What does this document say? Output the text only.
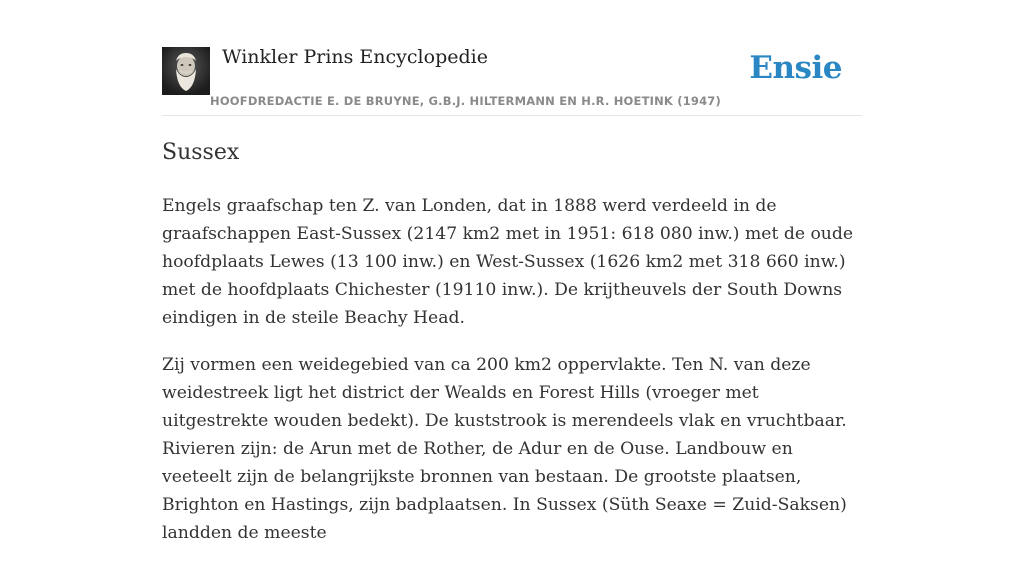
Winkler Prins Encyclopedie
HOOFDREDACTIE E. DE BRUYNE, G.B.J. HILTERMANN EN H.R. HOETINK (1947)
Ensie
Sussex

Engels graafschap ten Z. van Londen, dat in 1888 werd verdeeld in de graafschappen East-Sussex (2147 km2 met in 1951: 618 080 inw.) met de oude hoofdplaats Lewes (13 100 inw.) en West-Sussex (1626 km2 met 318 660 inw.) met de hoofdplaats Chichester (19110 inw.). De krijtheuvels der South Downs eindigen in de steile Beachy Head.

Zij vormen een weidegebied van ca 200 km2 oppervlakte. Ten N. van deze weidestreek ligt het district der Wealds en Forest Hills (vroeger met uitgestrekte wouden bedekt). De kuststrook is merendeels vlak en vruchtbaar. Rivieren zijn: de Arun met de Rother, de Adur en de Ouse. Landbouw en veeteelt zijn de belangrijkste bronnen van bestaan. De grootste plaatsen, Brighton en Hastings, zijn badplaatsen. In Sussex (Süth Seaxe = Zuid-Saksen) landden de meeste
